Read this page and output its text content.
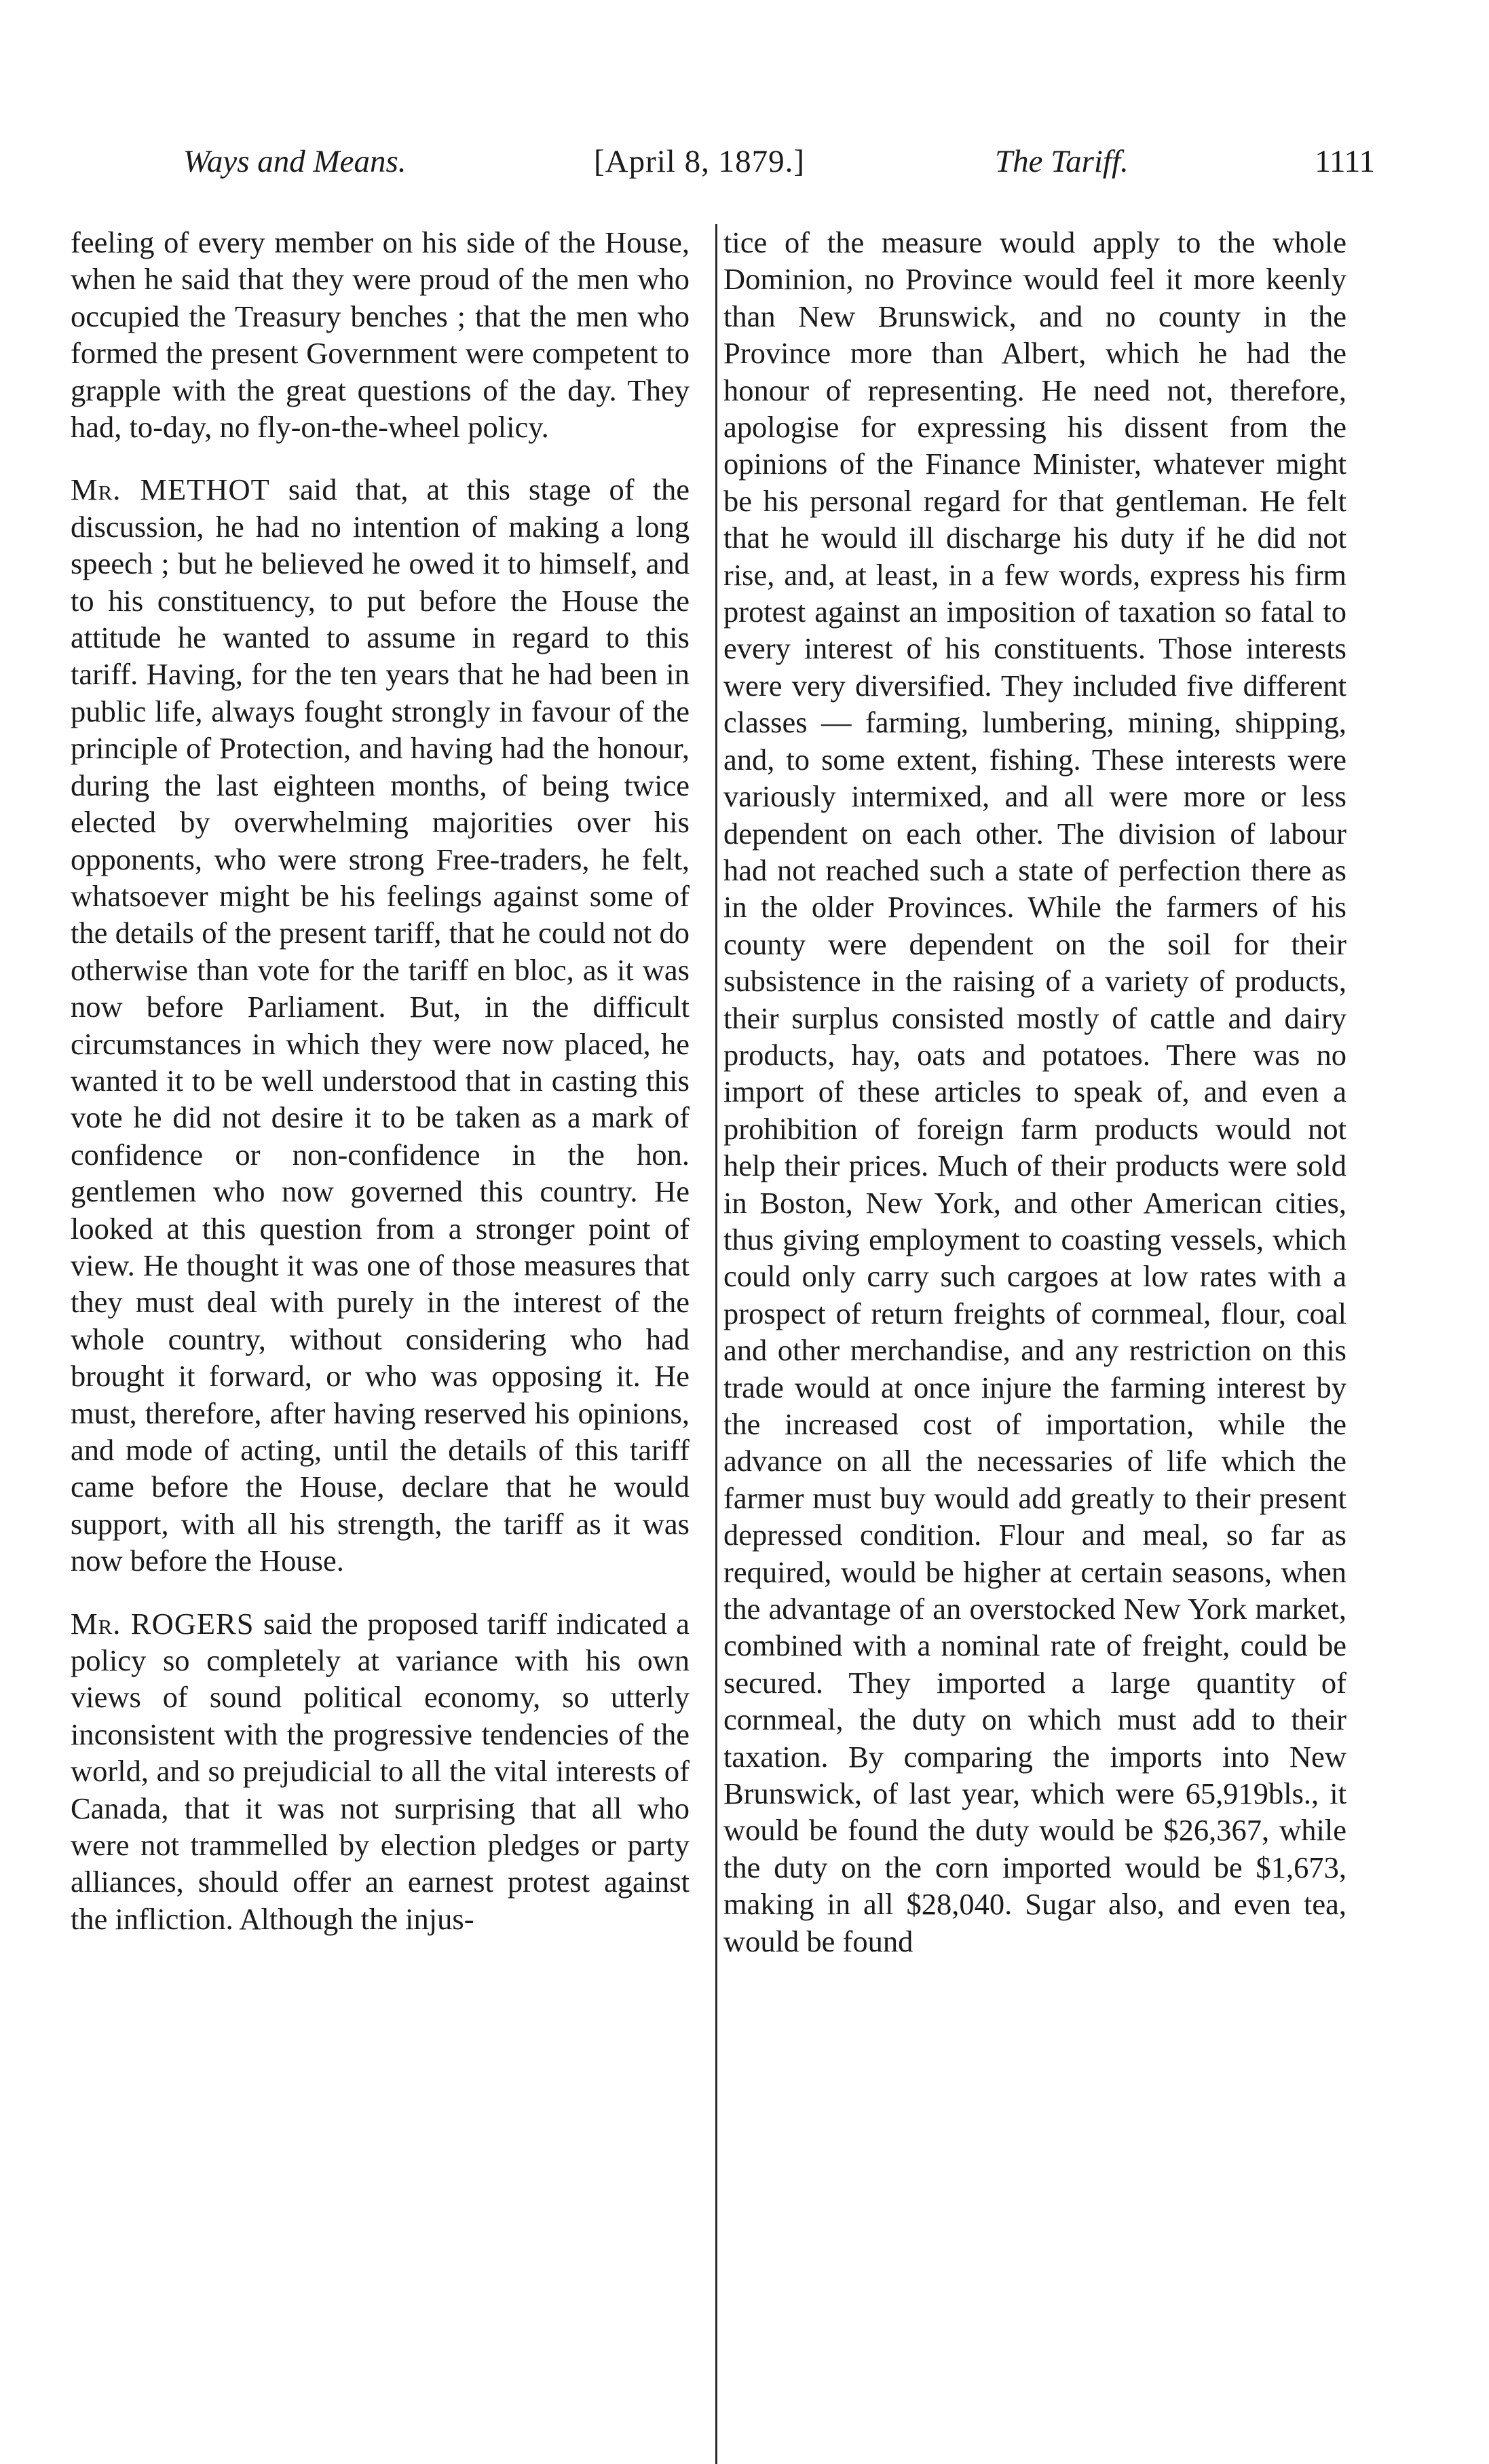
Ways and Means.	[April 8, 1879.]	The Tariff.	1111

feeling of every member on his side of the House, when he said that they were proud of the men who occupied the Treasury benches ; that the men who formed the present Government were competent to grapple with the great questions of the day. They had, to-day, no fly-on-the-wheel policy.

Mr. METHOT said that, at this stage of the discussion, he had no intention of making a long speech ; but he believed he owed it to himself, and to his constituency, to put before the House the attitude he wanted to assume in regard to this tariff. Having, for the ten years that he had been in public life, always fought strongly in favour of the principle of Protection, and having had the honour, during the last eighteen months, of being twice elected by overwhelming majorities over his opponents, who were strong Free-traders, he felt, whatsoever might be his feelings against some of the details of the present tariff, that he could not do otherwise than vote for the tariff en bloc, as it was now before Parliament. But, in the difficult circumstances in which they were now placed, he wanted it to be well understood that in casting this vote he did not desire it to be taken as a mark of confidence or non-confidence in the hon. gentlemen who now governed this country. He looked at this question from a stronger point of view. He thought it was one of those measures that they must deal with purely in the interest of the whole country, without considering who had brought it forward, or who was opposing it. He must, therefore, after having reserved his opinions, and mode of acting, until the details of this tariff came before the House, declare that he would support, with all his strength, the tariff as it was now before the House.

Mr. ROGERS said the proposed tariff indicated a policy so completely at variance with his own views of sound political economy, so utterly inconsistent with the progressive tendencies of the world, and so prejudicial to all the vital interests of Canada, that it was not surprising that all who were not trammelled by election pledges or party alliances, should offer an earnest protest against the infliction. Although the injus-

tice of the measure would apply to the whole Dominion, no Province would feel it more keenly than New Brunswick, and no county in the Province more than Albert, which he had the honour of representing. He need not, therefore, apologise for expressing his dissent from the opinions of the Finance Minister, whatever might be his personal regard for that gentleman. He felt that he would ill discharge his duty if he did not rise, and, at least, in a few words, express his firm protest against an imposition of taxation so fatal to every interest of his constituents. Those interests were very diversified. They included five different classes — farming, lumbering, mining, shipping, and, to some extent, fishing. These interests were variously intermixed, and all were more or less dependent on each other. The division of labour had not reached such a state of perfection there as in the older Provinces. While the farmers of his county were dependent on the soil for their subsistence in the raising of a variety of products, their surplus consisted mostly of cattle and dairy products, hay, oats and potatoes. There was no import of these articles to speak of, and even a prohibition of foreign farm products would not help their prices. Much of their products were sold in Boston, New York, and other American cities, thus giving employment to coasting vessels, which could only carry such cargoes at low rates with a prospect of return freights of cornmeal, flour, coal and other merchandise, and any restriction on this trade would at once injure the farming interest by the increased cost of importation, while the advance on all the necessaries of life which the farmer must buy would add greatly to their present depressed condition. Flour and meal, so far as required, would be higher at certain seasons, when the advantage of an overstocked New York market, combined with a nominal rate of freight, could be secured. They imported a large quantity of cornmeal, the duty on which must add to their taxation. By comparing the imports into New Brunswick, of last year, which were 65,919bls., it would be found the duty would be $26,367, while the duty on the corn imported would be $1,673, making in all $28,040. Sugar also, and even tea, would be found
